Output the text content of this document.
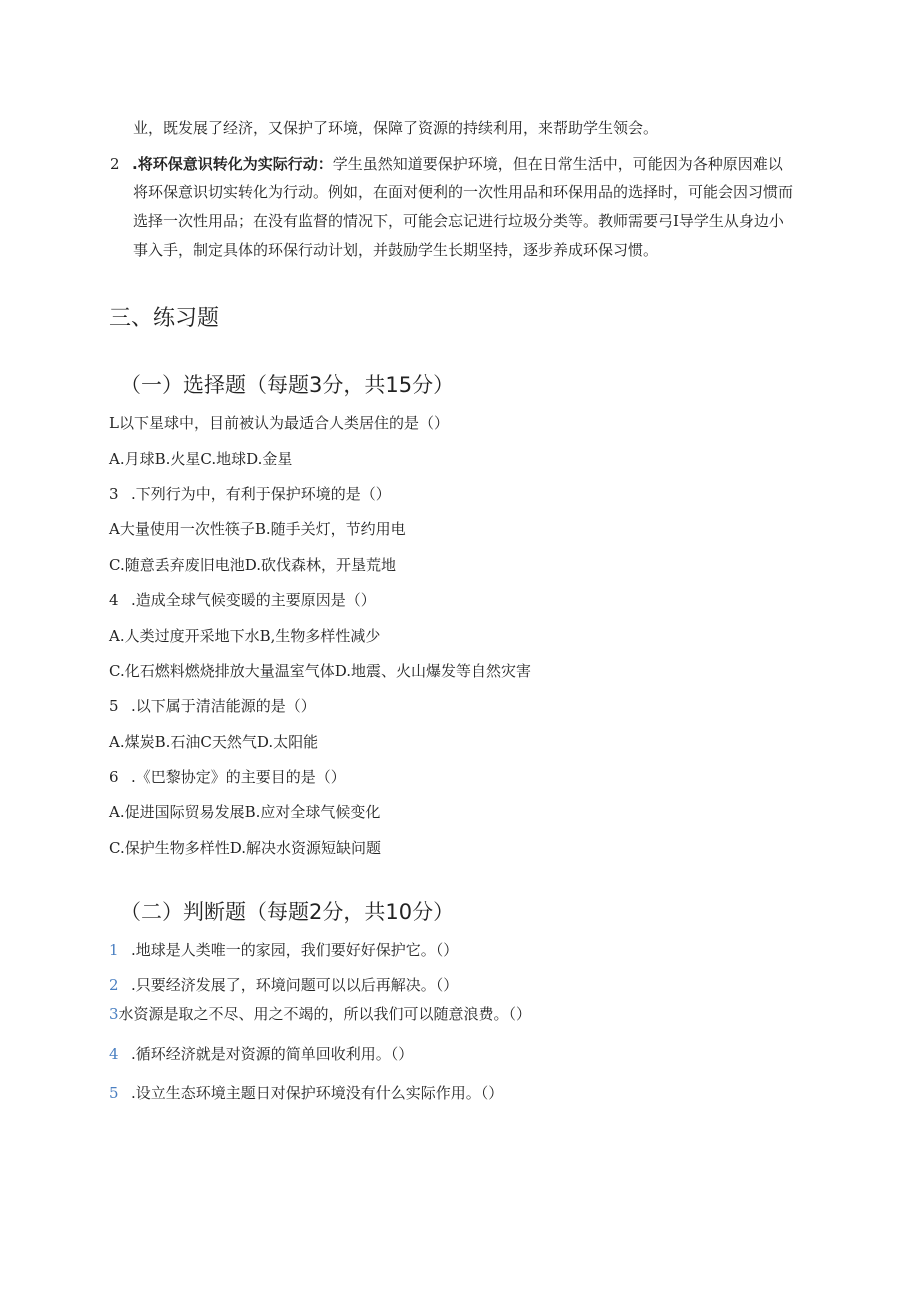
业，既发展了经济，又保护了环境，保障了资源的持续利用，来帮助学生领会。
2 .将环保意识转化为实际行动：学生虽然知道要保护环境，但在日常生活中，可能因为各种原因难以
将环保意识切实转化为行动。例如，在面对便利的一次性用品和环保用品的选择时，可能会因习惯而
选择一次性用品；在没有监督的情况下，可能会忘记进行垃圾分类等。教师需要弓I导学生从身边小
事入手，制定具体的环保行动计划，并鼓励学生长期坚持，逐步养成环保习惯。
三、练习题
（一）选择题（每题3分，共15分）
L以下星球中，目前被认为最适合人类居住的是（）
A.月球B.火星C.地球D.金星
3 .下列行为中，有利于保护环境的是（）
A大量使用一次性筷子B.随手关灯，节约用电
C.随意丢弃废旧电池D.砍伐森林，开垦荒地
4 .造成全球气候变暖的主要原因是（）
A.人类过度开采地下水B,生物多样性减少
C.化石燃料燃烧排放大量温室气体D.地震、火山爆发等自然灾害
5 .以下属于清洁能源的是（）
A.煤炭B.石油C天然气D.太阳能
6 .《巴黎协定》的主要目的是（）
A.促进国际贸易发展B.应对全球气候变化
C.保护生物多样性D.解决水资源短缺问题
（二）判断题（每题2分，共10分）
1 .地球是人类唯一的家园，我们要好好保护它。（）
2 .只要经济发展了，环境问题可以以后再解决。（）
3水资源是取之不尽、用之不竭的，所以我们可以随意浪费。（）
4 .循环经济就是对资源的简单回收利用。（）
5 .设立生态环境主题日对保护环境没有什么实际作用。（）
